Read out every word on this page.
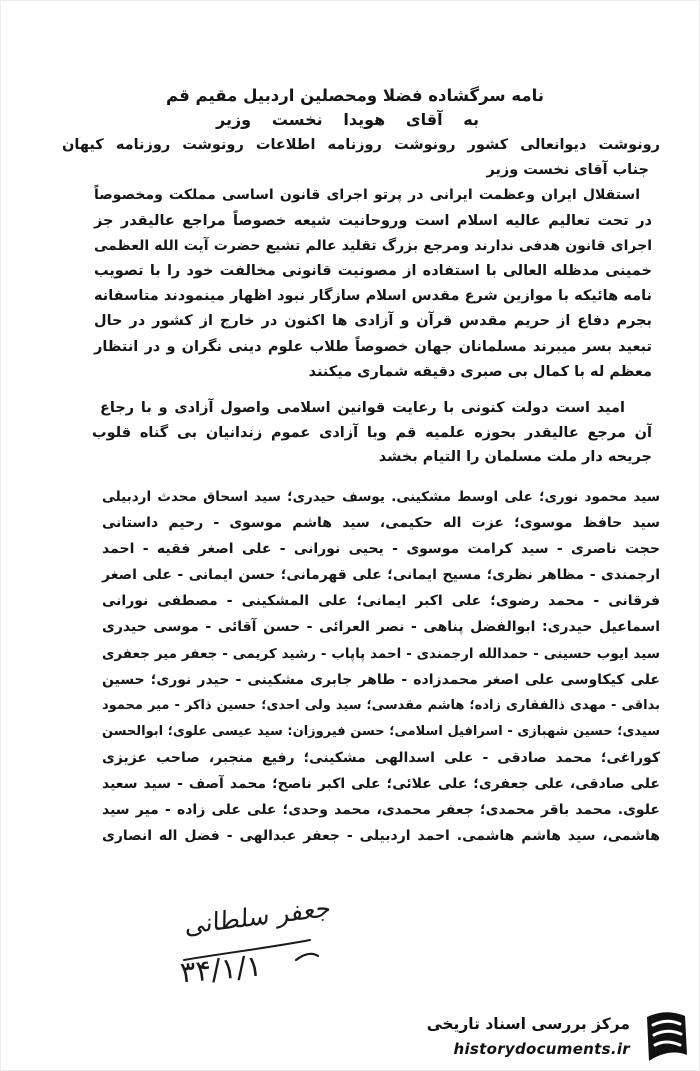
نامه سرگشاده فضلا ومحصلین اردبیل مقیم قم
به آقای هویدا نخست وزیر
رونوشت دیوانعالی کشور رونوشت روزنامه اطلاعات رونوشت روزنامه کیهان
جناب آقای نخست وزیر
استقلال ایران وعظمت ایرانی در پرتو اجرای قانون اساسی مملکت ومخصوصاً
در تحت تعالیم عالیه اسلام است وروحانیت شیعه خصوصاً مراجع عالیقدر جز
اجرای قانون هدفی ندارند ومرجع بزرگ تقلید عالم تشیع حضرت آیت الله العظمی
خمینی مدظله العالی با استفاده از مصونیت قانونی مخالفت خود را با تصویب
نامه هائیکه با موازین شرع مقدس اسلام سازگار نبود اظهار مینمودند متاسفانه
بجرم دفاع از حریم مقدس قرآن و آزادی ها اکنون در خارج از کشور در حال
تبعید بسر میبرند مسلمانان جهان خصوصاً طلاب علوم دینی نگران و در انتظار
معظم له با کمال بی صبری دقیقه شماری میکنند
امید است دولت کنونی با رعایت قوانین اسلامی واصول آزادی و با رجاع
آن مرجع عالیقدر بحوزه علمیه قم وبا آزادی عموم زندانیان بی گناه قلوب
جریحه دار ملت مسلمان را التیام بخشد
سید محمود نوری؛ علی اوسط مشکینی. یوسف حیدری؛ سید اسحاق محدث اردبیلی
سید حافظ موسوی؛ عزت اله حکیمی، سید هاشم موسوی - رحیم داستانی
حجت ناصری - سید کرامت موسوی - یحیی نورانی - علی اصغر فقیه - احمد
ارجمندی - مظاهر نظری؛ مسیح ایمانی؛ علی قهرمانی؛ حسن ایمانی - علی اصغر
فرقانی - محمد رضوی؛ علی اکبر ایمانی؛ علی المشکینی - مصطفی نورانی
اسماعیل حیدری: ابوالفضل پناهی - نصر العرائی - حسن آقائی - موسی حیدری
سید ایوب حسینی - حمدالله ارجمندی - احمد پاپاب - رشید کریمی - جعفر میر جعفری
علی کیکاوسی علی اصغر محمدزاده - طاهر جابری مشکینی - حیدر نوری؛ حسین
بداقی - مهدی ذالفقاری زاده؛ هاشم مقدسی؛ سید ولی احدی؛ حسین ذاکر - میر محمود
سیدی؛ حسین شهبازی - اسرافیل اسلامی؛ حسن فیروزان: سید عیسی علوی؛ ابوالحسن
کوراغی؛ محمد صادقی - علی اسدالهی مشکینی؛ رفیع منجبر، صاحب عزیزی
علی صادقی، علی جعفری؛ علی علائی؛ علی اکبر ناصح؛ محمد آصف - سید سعید
علوی. محمد باقر محمدی؛ جعفر محمدی، محمد وحدی؛ علی علی زاده - میر سید
هاشمی، سید هاشم هاشمی. احمد اردبیلی - جعفر عبدالهی - فضل اله انصاری
جعفر سلطانی
۳۴/۱/۱
مرکز بررسی اسناد تاریخی
historydocuments.ir
